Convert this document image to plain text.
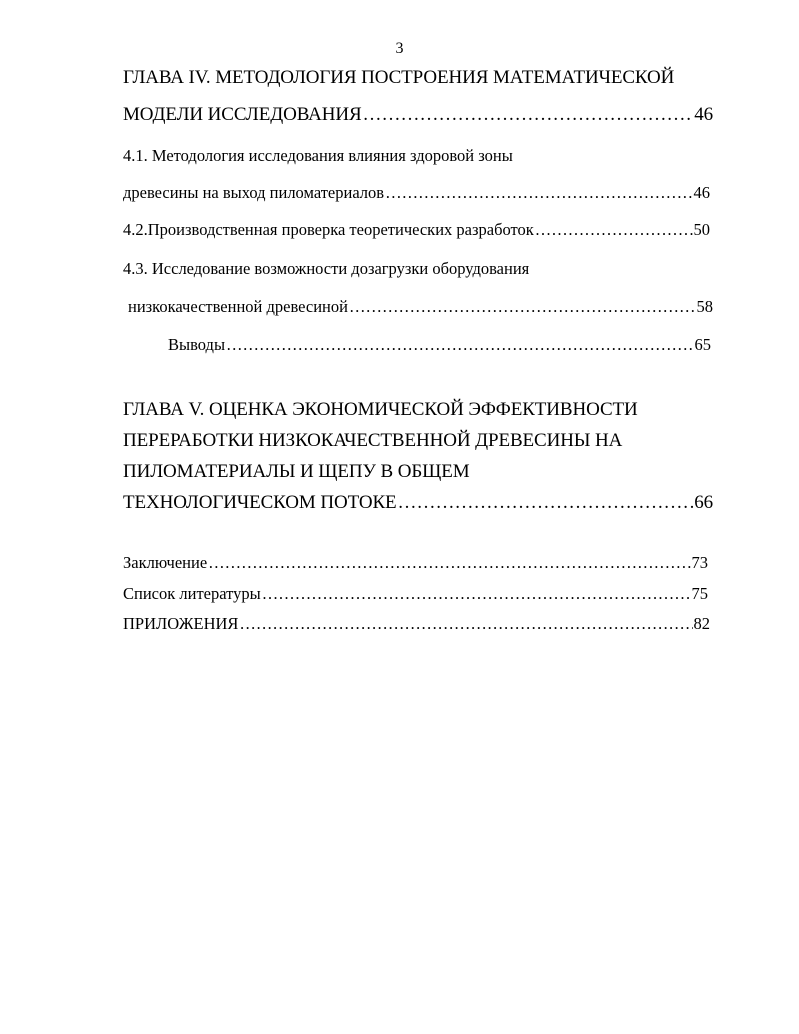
3
ГЛАВА IV. МЕТОДОЛОГИЯ ПОСТРОЕНИЯ МАТЕМАТИЧЕСКОЙ
МОДЕЛИ ИССЛЕДОВАНИЯ …………………………………………………………………………………………………………………………………………………………………………………………………………………………	46
4.1. Методология исследования влияния здоровой зоны
древесины на выход пиломатериалов …………………………………………………………………………………………………………………………………………………………………………………………………………………………	46
4.2.Производственная проверка теоретических разработок …………………………………………………………………………………………………………………………………………………………………………………………………………………………	50
4.3. Исследование возможности дозагрузки оборудования
низкокачественной древесиной …………………………………………………………………………………………………………………………………………………………………………………………………………………………	58
Выводы …………………………………………………………………………………………………………………………………………………………………………………………………………………………	65
ГЛАВА V. ОЦЕНКА ЭКОНОМИЧЕСКОЙ ЭФФЕКТИВНОСТИ
ПЕРЕРАБОТКИ НИЗКОКАЧЕСТВЕННОЙ ДРЕВЕСИНЫ НА
ПИЛОМАТЕРИАЛЫ И ЩЕПУ В ОБЩЕМ
ТЕХНОЛОГИЧЕСКОМ ПОТОКЕ …………………………………………………………………………………………………………………………………………………………………………………………………………………………	66
Заключение …………………………………………………………………………………………………………………………………………………………………………………………………………………………	73
Список литературы …………………………………………………………………………………………………………………………………………………………………………………………………………………………	75
ПРИЛОЖЕНИЯ …………………………………………………………………………………………………………………………………………………………………………………………………………………………	82
